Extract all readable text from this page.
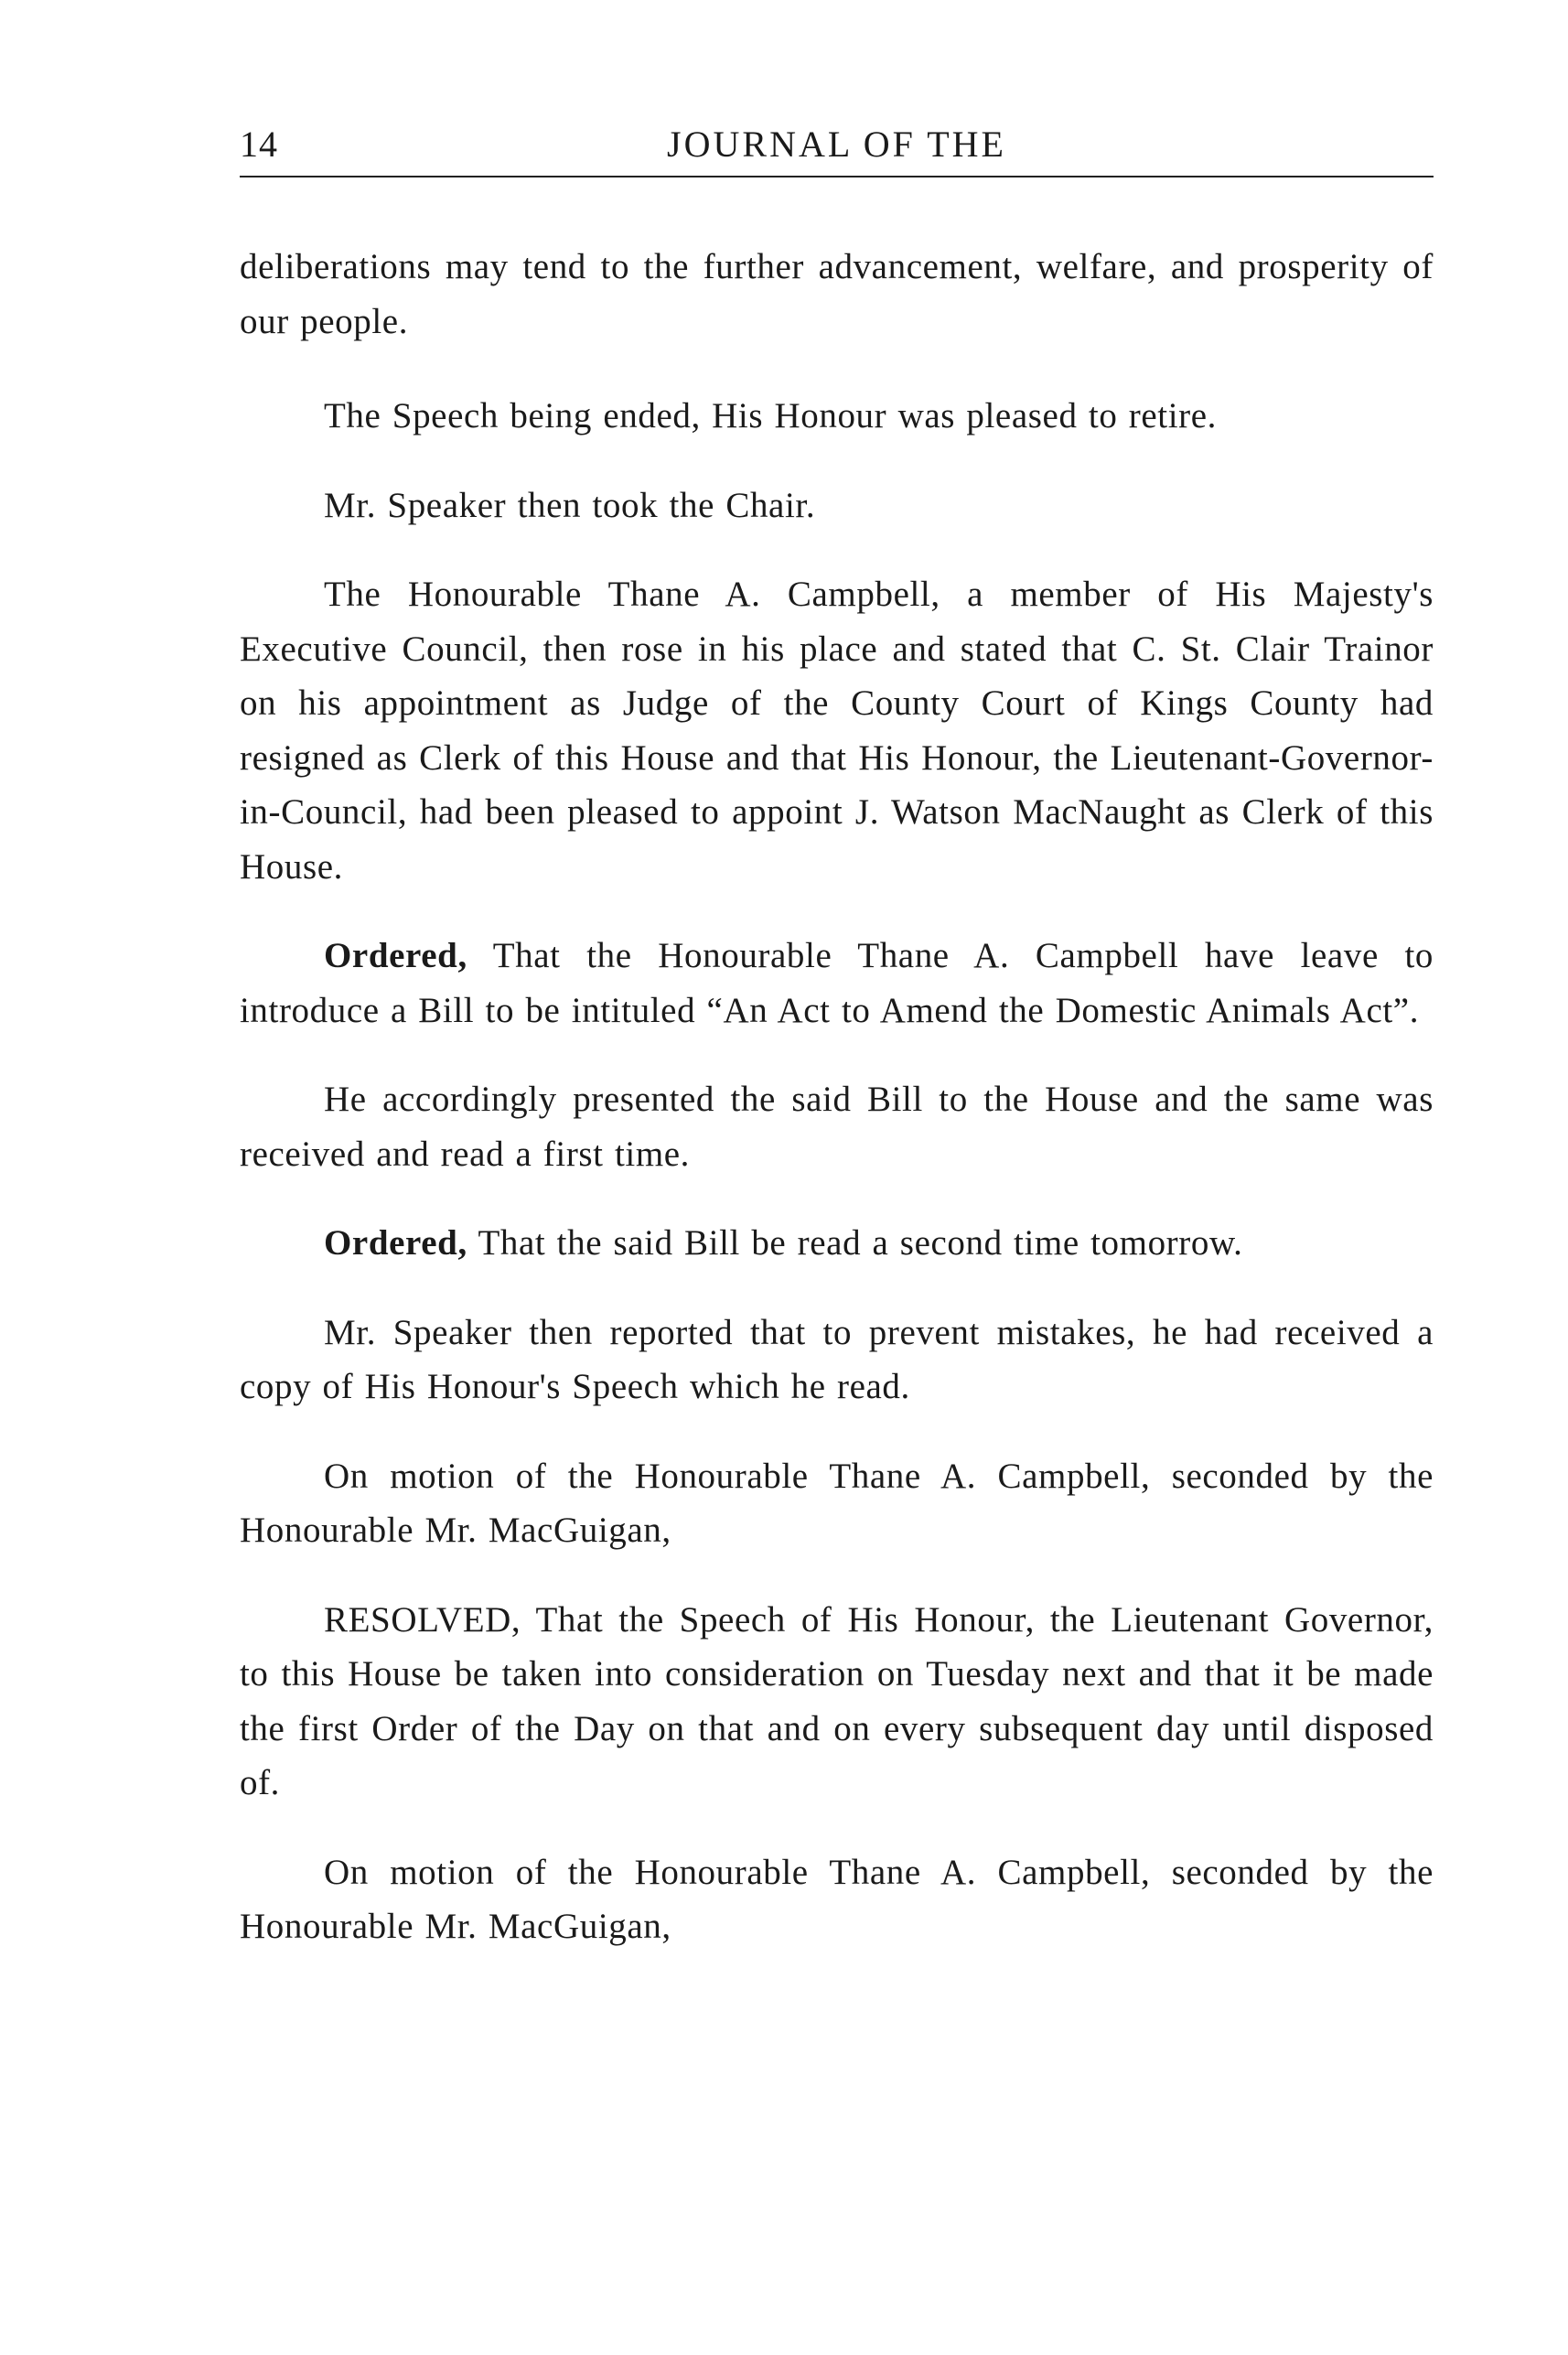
14	JOURNAL OF THE

deliberations may tend to the further advancement, welfare, and prosperity of our people.

The Speech being ended, His Honour was pleased to retire.

Mr. Speaker then took the Chair.

The Honourable Thane A. Campbell, a member of His Majesty's Executive Council, then rose in his place and stated that C. St. Clair Trainor on his appointment as Judge of the County Court of Kings County had resigned as Clerk of this House and that His Honour, the Lieutenant-Governor-in-Council, had been pleased to appoint J. Watson MacNaught as Clerk of this House.

Ordered, That the Honourable Thane A. Campbell have leave to introduce a Bill to be intituled “An Act to Amend the Domestic Animals Act”.

He accordingly presented the said Bill to the House and the same was received and read a first time.

Ordered, That the said Bill be read a second time tomorrow.

Mr. Speaker then reported that to prevent mistakes, he had received a copy of His Honour's Speech which he read.

On motion of the Honourable Thane A. Campbell, seconded by the Honourable Mr. MacGuigan,

RESOLVED, That the Speech of His Honour, the Lieutenant Governor, to this House be taken into consideration on Tuesday next and that it be made the first Order of the Day on that and on every subsequent day until disposed of.

On motion of the Honourable Thane A. Campbell, seconded by the Honourable Mr. MacGuigan,
